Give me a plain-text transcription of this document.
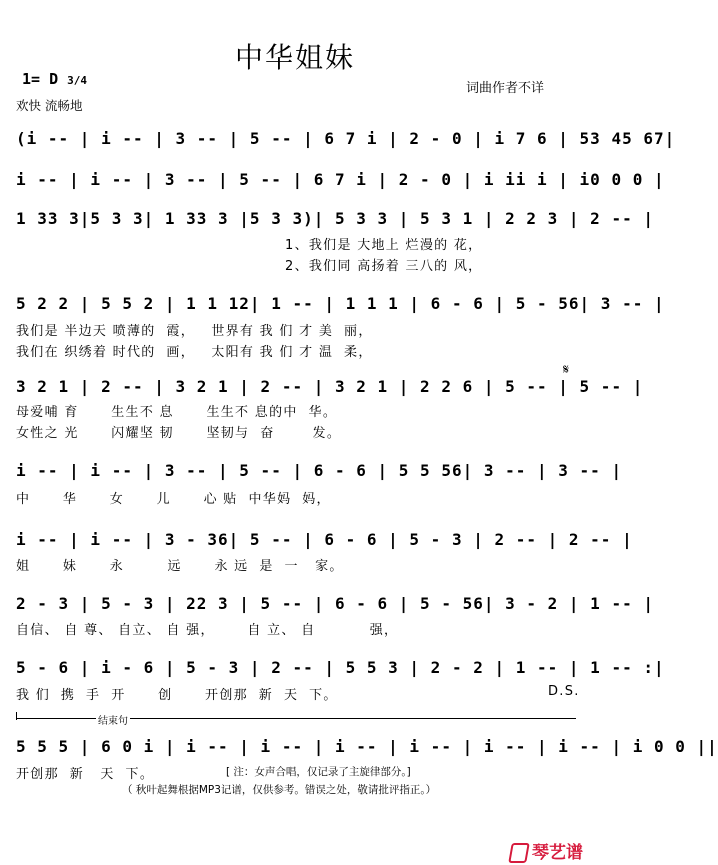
中华姐妹
1= D 3/4
欢快 流畅地
词曲作者不详
(i -- | i -- | 3 -- | 5 -- | 6 7 i | 2 - 0 | i 7 6 | 53 45 67|
i -- | i -- | 3 -- | 5 -- | 6 7 i | 2 - 0 | i ii i | i0 0 0 |
1 33 3|5 3 3| 1 33 3 |5 3 3)| 5 3 3 | 5 3 1 | 2 2 3 | 2 -- |
1、我们是 大地上 烂漫的 花，
2、我们同 高扬着 三八的 风，
5 2 2 | 5 5 2 | 1 1 12| 1 -- | 1 1 1 | 6 - 6 | 5 - 56| 3 -- |
我们是 半边天 喷薄的  霞，   世界有 我 们 才 美  丽，
我们在 织绣着 时代的  画，   太阳有 我 们 才 温  柔，
3 2 1 | 2 -- | 3 2 1 | 2 -- | 3 2 1 | 2 2 6 | 5 -- | 5 -- |
𝄋
母爱哺 育      生生不 息      生生不 息的中  华。
女性之 光      闪耀坚 韧      坚韧与  奋       发。
i -- | i -- | 3 -- | 5 -- | 6 - 6 | 5 5 56| 3 -- | 3 -- |
中      华      女      儿      心 贴  中华妈  妈，
i -- | i -- | 3 - 36| 5 -- | 6 - 6 | 5 - 3 | 2 -- | 2 -- |
姐      妹      永        远      永 远  是  一   家。
2 - 3 | 5 - 3 | 22 3 | 5 -- | 6 - 6 | 5 - 56| 3 - 2 | 1 -- |
自信、 自 尊、 自立、 自 强，      自 立、 自          强，
5 - 6 | i - 6 | 5 - 3 | 2 -- | 5 5 3 | 2 - 2 | 1 -- | 1 -- :|
我 们  携  手  开      创      开创那  新  天  下。	D.S.
结束句
5 5 5 | 6 0 i | i -- | i -- | i -- | i -- | i -- | i -- | i 0 0 ||
开创那  新   天  下。	[ 注：女声合唱，仅记录了主旋律部分。]
（ 秋叶起舞根据MP3记谱，仅供参考。错误之处，敬请批评指正。）
琴艺谱
